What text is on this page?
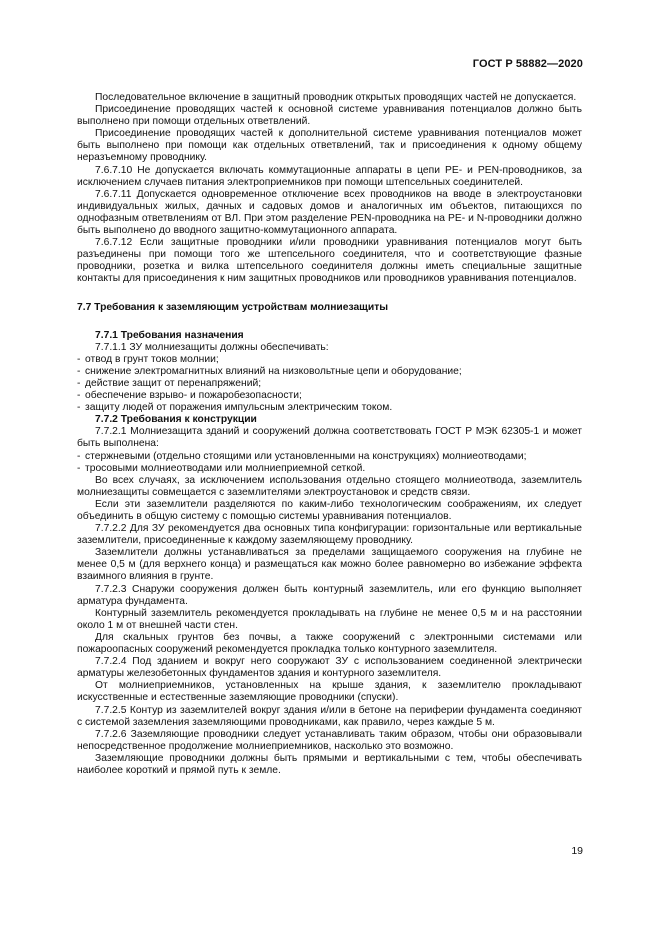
ГОСТ Р 58882—2020

Последовательное включение в защитный проводник открытых проводящих частей не допускается.

Присоединение проводящих частей к основной системе уравнивания потенциалов должно быть выполнено при помощи отдельных ответвлений.

Присоединение проводящих частей к дополнительной системе уравнивания потенциалов может быть выполнено при помощи как отдельных ответвлений, так и присоединения к одному общему неразъемному проводнику.

7.6.7.10 Не допускается включать коммутационные аппараты в цепи PE- и PEN-проводников, за исключением случаев питания электроприемников при помощи штепсельных соединителей.

7.6.7.11 Допускается одновременное отключение всех проводников на вводе в электроустановки индивидуальных жилых, дачных и садовых домов и аналогичных им объектов, питающихся по однофазным ответвлениям от ВЛ. При этом разделение PEN-проводника на PE- и N-проводники должно быть выполнено до вводного защитно-коммутационного аппарата.

7.6.7.12 Если защитные проводники и/или проводники уравнивания потенциалов могут быть разъединены при помощи того же штепсельного соединителя, что и соответствующие фазные проводники, розетка и вилка штепсельного соединителя должны иметь специальные защитные контакты для присоединения к ним защитных проводников или проводников уравнивания потенциалов.

7.7 Требования к заземляющим устройствам молниезащиты

7.7.1 Требования назначения

7.7.1.1 ЗУ молниезащиты должны обеспечивать:

- отвод в грунт токов молнии;

- снижение электромагнитных влияний на низковольтные цепи и оборудование;

- действие защит от перенапряжений;

- обеспечение взрыво- и пожаробезопасности;

- защиту людей от поражения импульсным электрическим током.

7.7.2 Требования к конструкции

7.7.2.1 Молниезащита зданий и сооружений должна соответствовать ГОСТ Р МЭК 62305-1 и может быть выполнена:

- стержневыми (отдельно стоящими или установленными на конструкциях) молниеотводами;

- тросовыми молниеотводами или молниеприемной сеткой.

Во всех случаях, за исключением использования отдельно стоящего молниеотвода, заземлитель молниезащиты совмещается с заземлителями электроустановок и средств связи.

Если эти заземлители разделяются по каким-либо технологическим соображениям, их следует объединить в общую систему с помощью системы уравнивания потенциалов.

7.7.2.2 Для ЗУ рекомендуется два основных типа конфигурации: горизонтальные или вертикальные заземлители, присоединенные к каждому заземляющему проводнику.

Заземлители должны устанавливаться за пределами защищаемого сооружения на глубине не менее 0,5 м (для верхнего конца) и размещаться как можно более равномерно во избежание эффекта взаимного влияния в грунте.

7.7.2.3 Снаружи сооружения должен быть контурный заземлитель, или его функцию выполняет арматура фундамента.

Контурный заземлитель рекомендуется прокладывать на глубине не менее 0,5 м и на расстоянии около 1 м от внешней части стен.

Для скальных грунтов без почвы, а также сооружений с электронными системами или пожароопасных сооружений рекомендуется прокладка только контурного заземлителя.

7.7.2.4 Под зданием и вокруг него сооружают ЗУ с использованием соединенной электрически арматуры железобетонных фундаментов здания и контурного заземлителя.

От молниеприемников, установленных на крыше здания, к заземлителю прокладывают искусственные и естественные заземляющие проводники (спуски).

7.7.2.5 Контур из заземлителей вокруг здания и/или в бетоне на периферии фундамента соединяют с системой заземления заземляющими проводниками, как правило, через каждые 5 м.

7.7.2.6 Заземляющие проводники следует устанавливать таким образом, чтобы они образовывали непосредственное продолжение молниеприемников, насколько это возможно.

Заземляющие проводники должны быть прямыми и вертикальными с тем, чтобы обеспечивать наиболее короткий и прямой путь к земле.

19
